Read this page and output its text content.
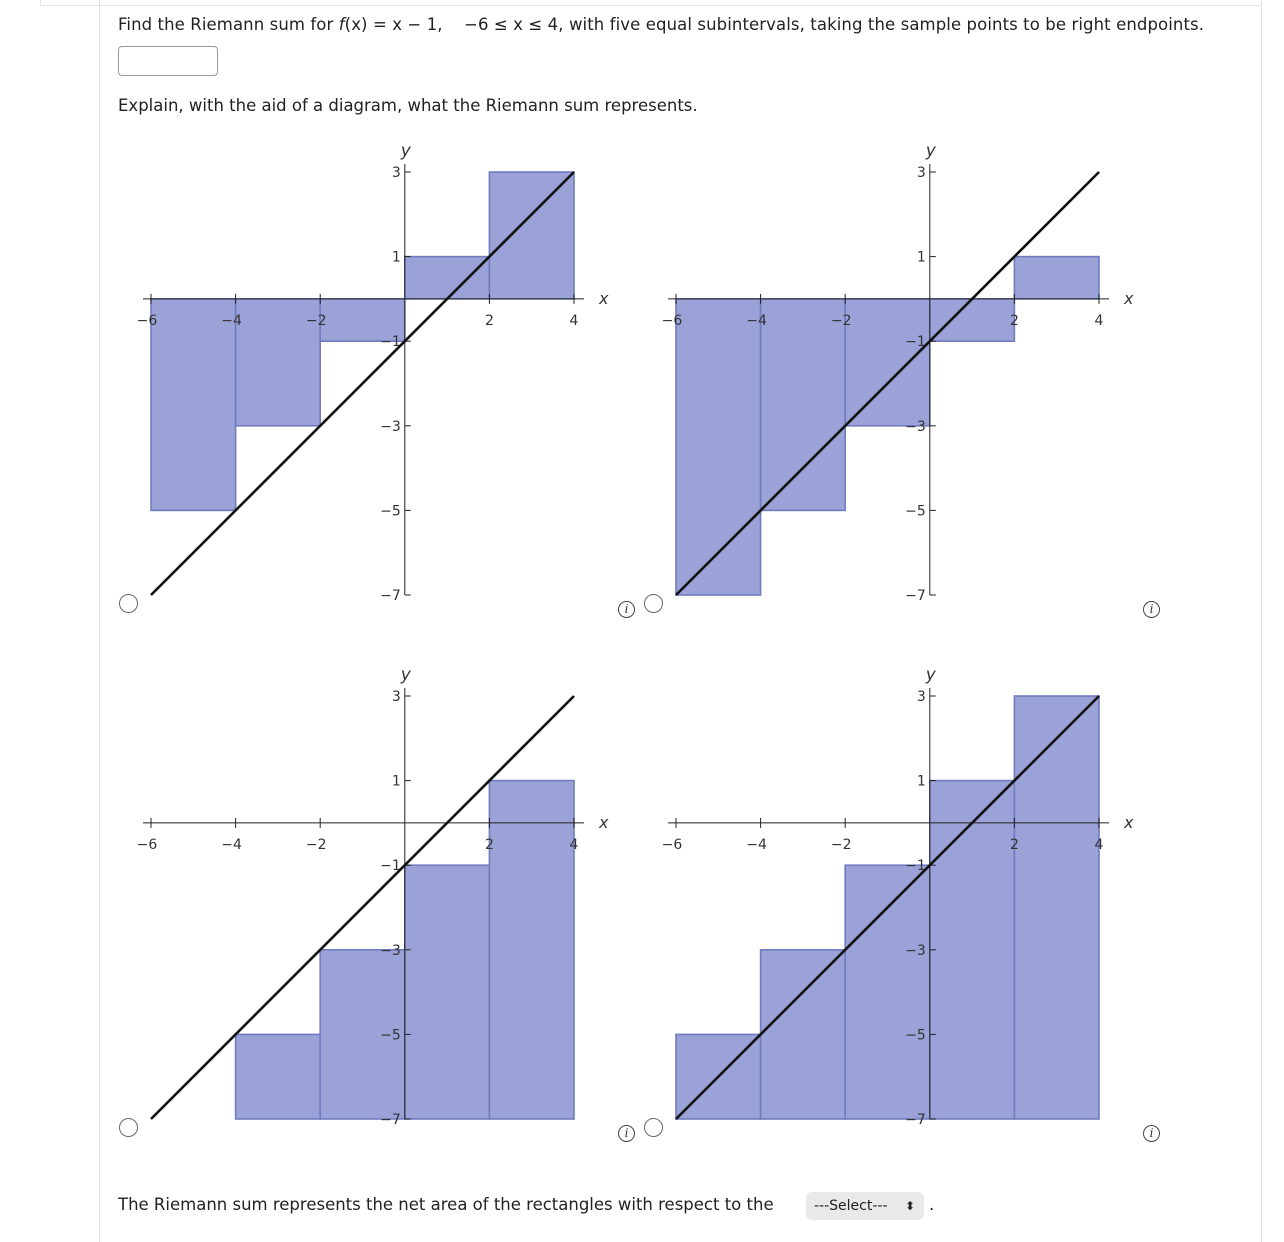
Find the Riemann sum for f(x) = x − 1, −6 ≤ x ≤ 4, with five equal subintervals, taking the sample points to be right endpoints.
Explain, with the aid of a diagram, what the Riemann sum represents.
−6	−4	−2	2	4
3
1
−1
−3
−5
−7
x
y
−6	−4	−2	2	4
3
1
−1
−3
−5
−7
x
y
−6	−4	−2	2	4
3
1
−1
−3
−5
−7
x
y
−6	−4	−2	2	4
3
1
−1
−3
−5
−7
x
y
i	i
i	i
The Riemann sum represents the net area of the rectangles with respect to the	---Select--- ⬍ .
